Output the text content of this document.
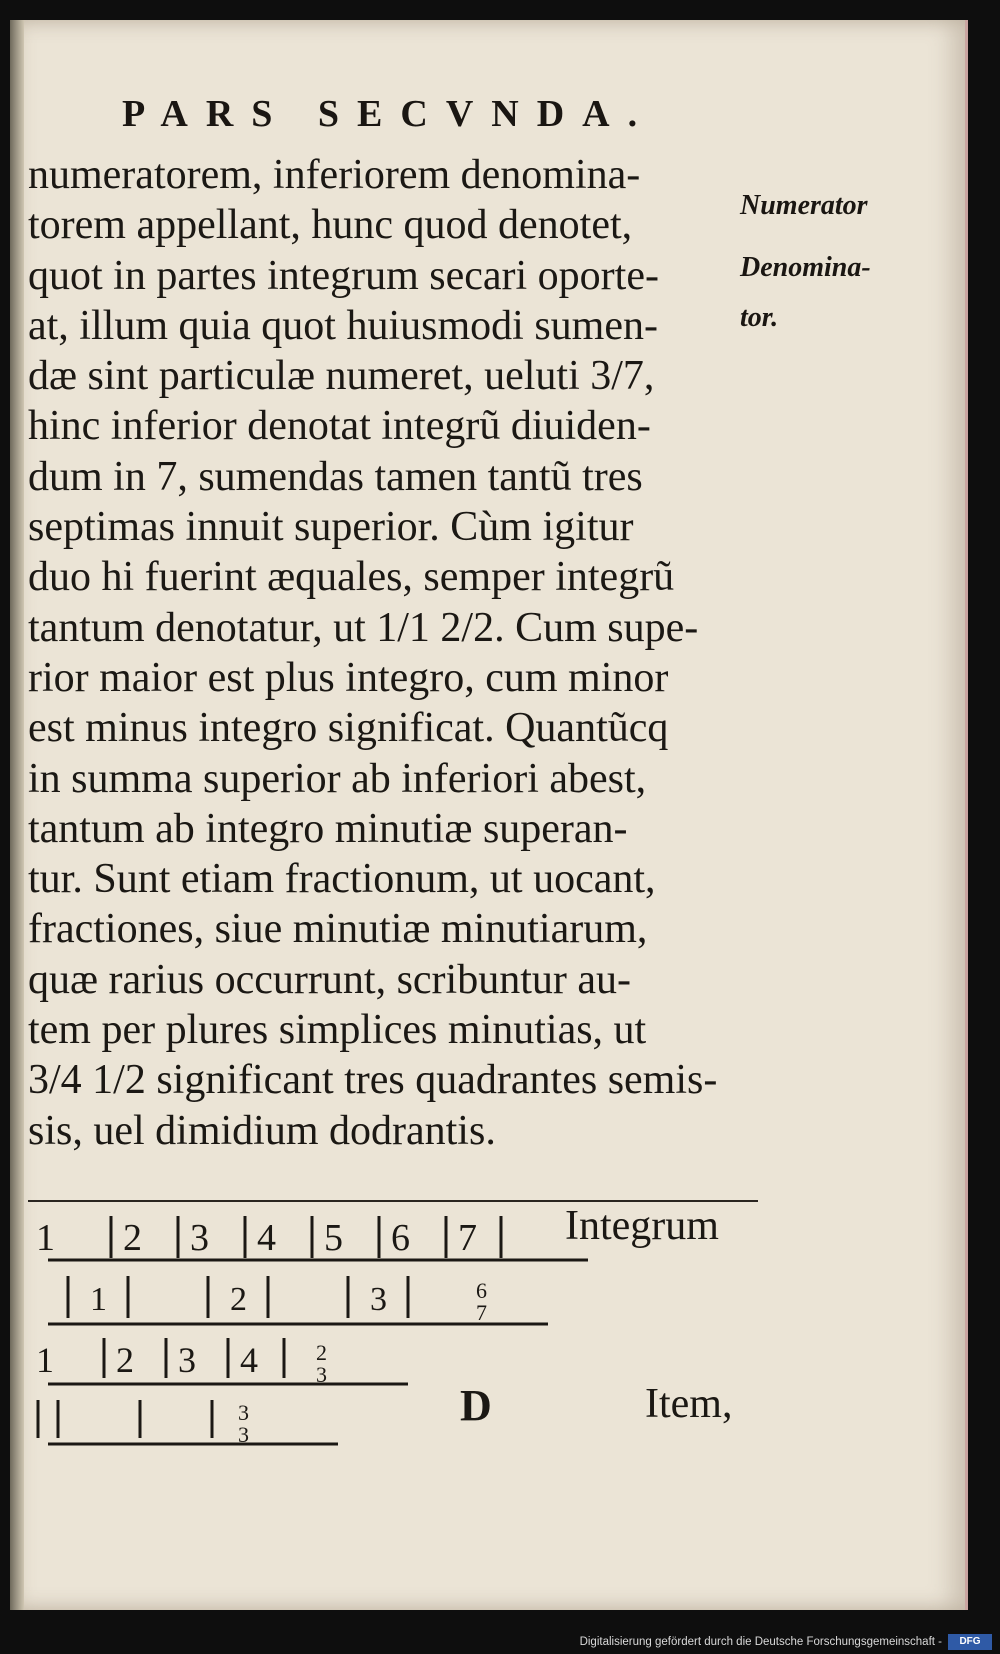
PARS SECVNDA.
numeratorem, inferiorem denomina-
torem appellant, hunc quod denotet,
quot in partes integrum secari oporte-
at, illum quia quot huiusmodi sumen-
dæ sint particulæ numeret, ueluti 3/7,
hinc inferior denotat integrũ diuiden-
dum in 7, sumendas tamen tantũ tres
septimas innuit superior. Cùm igitur
duo hi fuerint æquales, semper integrũ
tantum denotatur, ut 1/1 2/2. Cum supe-
rior maior est plus integro, cum minor
est minus integro significat. Quantũcq
in summa superior ab inferiori abest,
tantum ab integro minutiæ superan-
tur. Sunt etiam fractionum, ut uocant,
fractiones, siue minutiæ minutiarum,
quæ rarius occurrunt, scribuntur au-
tem per plures simplices minutias, ut
3/4 1/2 significant tres quadrantes semis-
sis, uel dimidium dodrantis.
Numerator
Denomina-
tor.
Integrum
1 2 3 4 5 6 7
1	2	3	6
7
1 2 3 4	2
3
3
3
D	Item,
Digitalisierung gefördert durch die Deutsche Forschungsgemeinschaft -	DFG
